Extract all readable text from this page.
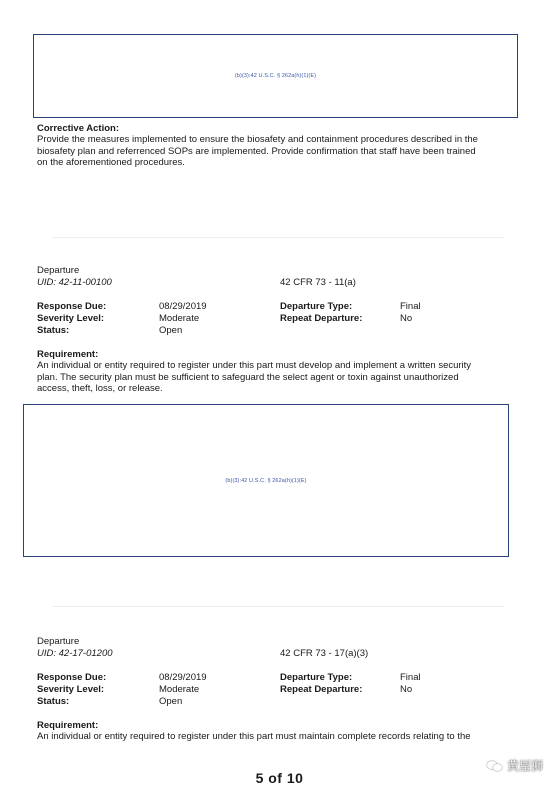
(b)(3):42 U.S.C. § 262a(h)(1)(E)
Corrective Action:
Provide the measures implemented to ensure the biosafety and containment procedures described in the
biosafety plan and referrenced SOPs are implemented. Provide confirmation that staff have been trained
on the aforementioned procedures.
Departure
UID: 42-11-00100	42 CFR 73 - 11(a)
Response Due:	08/29/2019	Departure Type:	Final
Severity Level:	Moderate	Repeat Departure:	No
Status:	Open
Requirement:
An individual or entity required to register under this part must develop and implement a written security
plan. The security plan must be sufficient to safeguard the select agent or toxin against unauthorized
access, theft, loss, or release.
(b)(3):42 U.S.C. § 262a(h)(1)(E)
Departure
UID: 42-17-01200	42 CFR 73 - 17(a)(3)
Response Due:	08/29/2019	Departure Type:	Final
Severity Level:	Moderate	Repeat Departure:	No
Status:	Open
Requirement:
An individual or entity required to register under this part must maintain complete records relating to the
黄屋狮
5 of 10
